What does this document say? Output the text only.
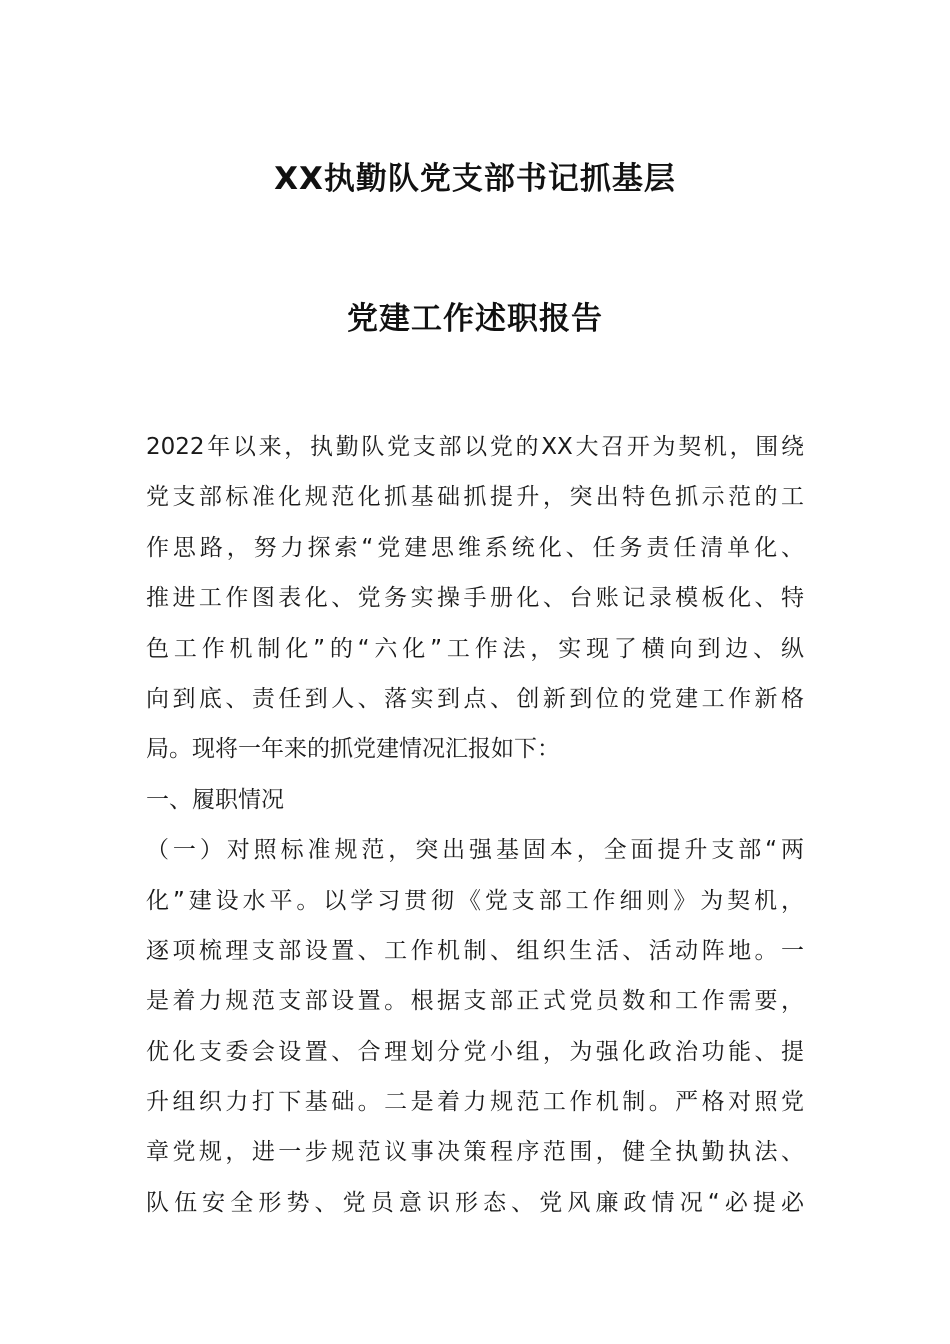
XX执勤队党支部书记抓基层
党建工作述职报告
2022年以来，执勤队党支部以党的XX大召开为契机，围绕
党支部标准化规范化抓基础抓提升，突出特色抓示范的工
作思路，努力探索“党建思维系统化、任务责任清单化、
推进工作图表化、党务实操手册化、台账记录模板化、特
色工作机制化”的“六化”工作法，实现了横向到边、纵
向到底、责任到人、落实到点、创新到位的党建工作新格
局。现将一年来的抓党建情况汇报如下：
一、履职情况
（一）对照标准规范，突出强基固本，全面提升支部“两
化”建设水平。以学习贯彻《党支部工作细则》为契机，
逐项梳理支部设置、工作机制、组织生活、活动阵地。一
是着力规范支部设置。根据支部正式党员数和工作需要，
优化支委会设置、合理划分党小组，为强化政治功能、提
升组织力打下基础。二是着力规范工作机制。严格对照党
章党规，进一步规范议事决策程序范围，健全执勤执法、
队伍安全形势、党员意识形态、党风廉政情况“必提必
